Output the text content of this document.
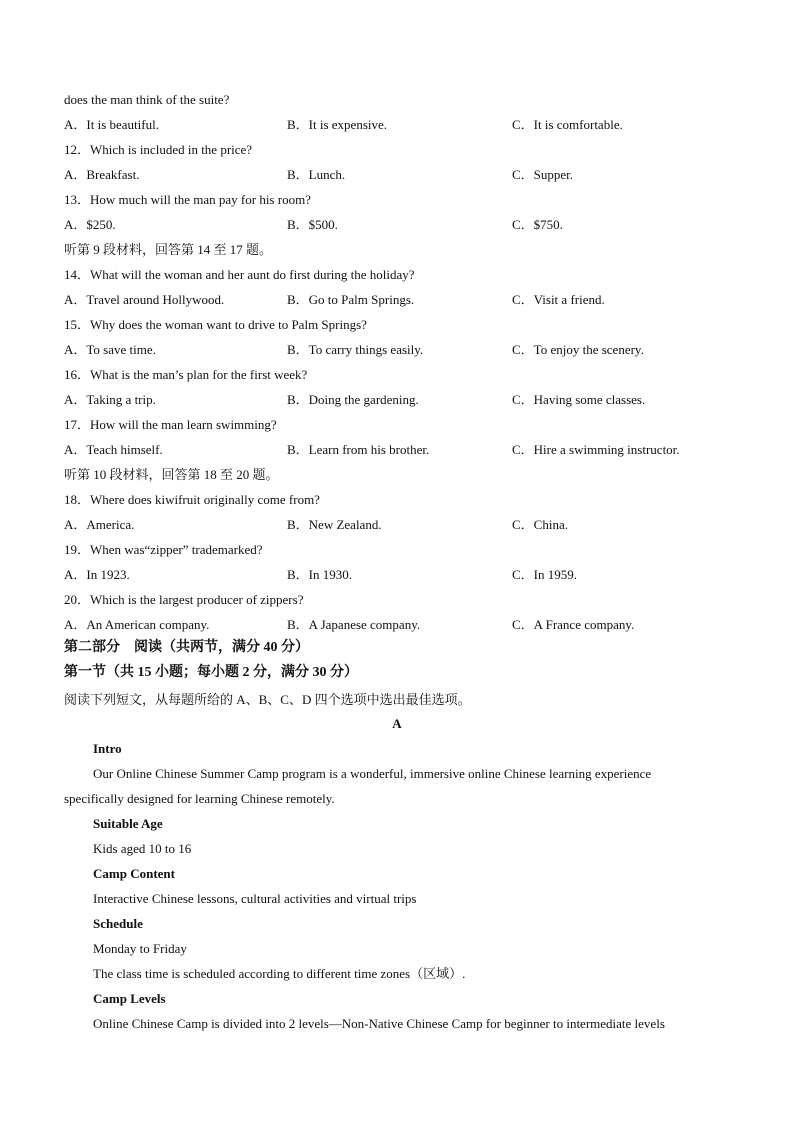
does the man think of the suite?
A．It is beautiful.	B．It is expensive.	C．It is comfortable.
12．Which is included in the price?
A．Breakfast.	B．Lunch.	C．Supper.
13．How much will the man pay for his room?
A．$250.	B．$500.	C．$750.
听第 9 段材料，回答第 14 至 17 题。
14．What will the woman and her aunt do first during the holiday?
A．Travel around Hollywood.	B．Go to Palm Springs.	C．Visit a friend.
15．Why does the woman want to drive to Palm Springs?
A．To save time.	B．To carry things easily.	C．To enjoy the scenery.
16．What is the man’s plan for the first week?
A．Taking a trip.	B．Doing the gardening.	C．Having some classes.
17．How will the man learn swimming?
A．Teach himself.	B．Learn from his brother.	C．Hire a swimming instructor.
听第 10 段材料，回答第 18 至 20 题。
18．Where does kiwifruit originally come from?
A．America.	B．New Zealand.	C．China.
19．When was“zipper” trademarked?
A．In 1923.	B．In 1930.	C．In 1959.
20．Which is the largest producer of zippers?
A．An American company.	B．A Japanese company.	C．A France company.
第二部分　阅读（共两节，满分 40 分）
第一节（共 15 小题；每小题 2 分，满分 30 分）
阅读下列短文，从每题所给的 A、B、C、D 四个选项中选出最佳选项。
A
Intro
Our Online Chinese Summer Camp program is a wonderful, immersive online Chinese learning experience
specifically designed for learning Chinese remotely.
Suitable Age
Kids aged 10 to 16
Camp Content
Interactive Chinese lessons, cultural activities and virtual trips
Schedule
Monday to Friday
The class time is scheduled according to different time zones（区域）.
Camp Levels
Online Chinese Camp is divided into 2 levels—Non-Native Chinese Camp for beginner to intermediate levels
